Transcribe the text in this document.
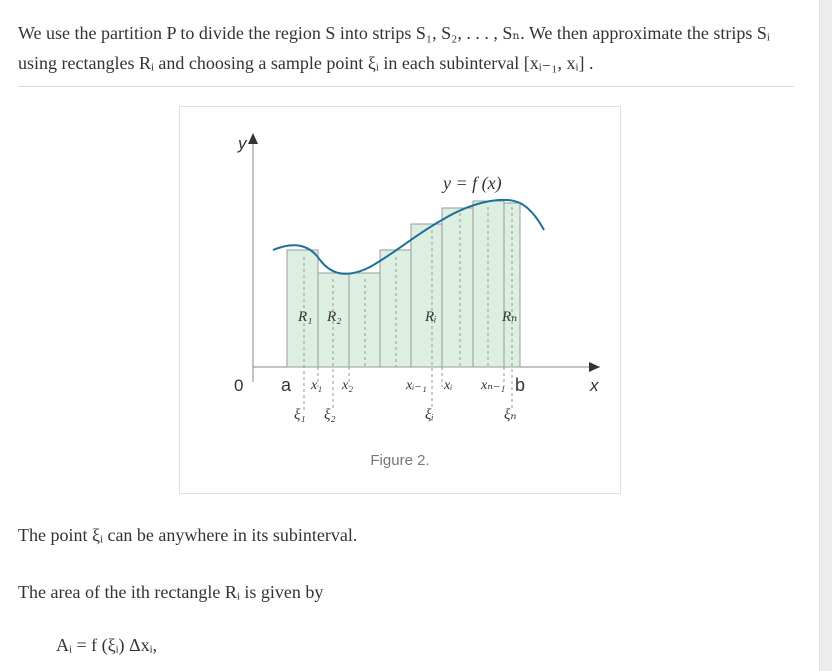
We use the partition P to divide the region S into strips S₁, S₂, . . . , Sₙ. We then approximate the strips Sᵢ using rectangles Rᵢ and choosing a sample point ξᵢ in each subinterval [xᵢ₋₁, xᵢ] .
y
x
y = f (x)
R₁ R₂	Rᵢ	Rₙ
0 a x₁ x₂	xᵢ₋₁ xᵢ xₙ₋₁ b
ξ₁ ξ₂	ξᵢ	ξₙ
Figure 2.
The point ξᵢ can be anywhere in its subinterval.
The area of the ith rectangle Rᵢ is given by
Aᵢ = f (ξᵢ) Δxᵢ,
